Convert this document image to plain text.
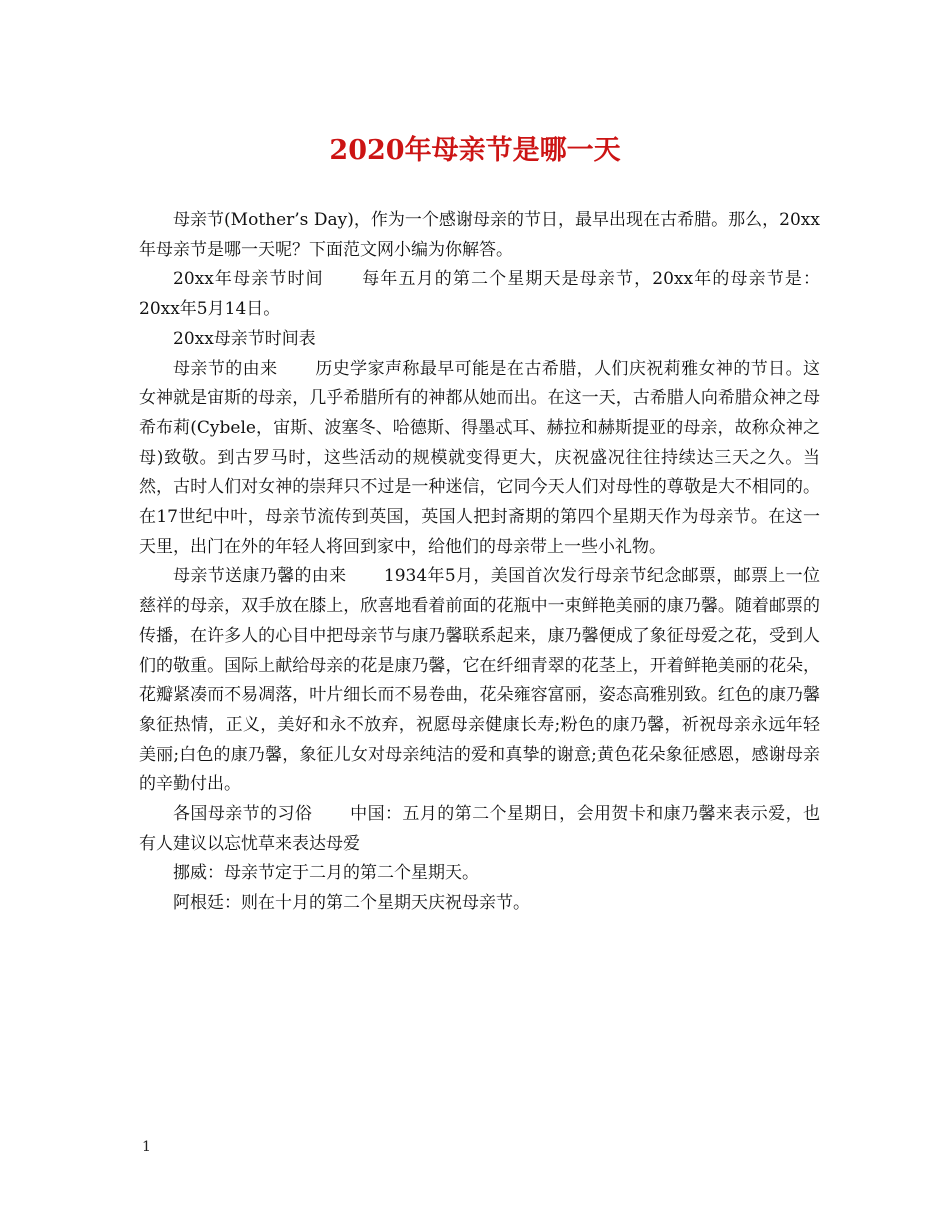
2020年母亲节是哪一天

母亲节(Mother’s Day)，作为一个感谢母亲的节日，最早出现在古希腊。那么，20xx年母亲节是哪一天呢？下面范文网小编为你解答。

20xx年母亲节时间 每年五月的第二个星期天是母亲节，20xx年的母亲节是：20xx年5月14日。

20xx母亲节时间表

母亲节的由来 历史学家声称最早可能是在古希腊，人们庆祝莉雅女神的节日。这女神就是宙斯的母亲，几乎希腊所有的神都从她而出。在这一天，古希腊人向希腊众神之母希布莉(Cybele，宙斯、波塞冬、哈德斯、得墨忒耳、赫拉和赫斯提亚的母亲，故称众神之母)致敬。到古罗马时，这些活动的规模就变得更大，庆祝盛况往往持续达三天之久。当然，古时人们对女神的崇拜只不过是一种迷信，它同今天人们对母性的尊敬是大不相同的。在17世纪中叶，母亲节流传到英国，英国人把封斋期的第四个星期天作为母亲节。在这一天里，出门在外的年轻人将回到家中，给他们的母亲带上一些小礼物。

母亲节送康乃馨的由来 1934年5月，美国首次发行母亲节纪念邮票，邮票上一位慈祥的母亲，双手放在膝上，欣喜地看着前面的花瓶中一束鲜艳美丽的康乃馨。随着邮票的传播，在许多人的心目中把母亲节与康乃馨联系起来，康乃馨便成了象征母爱之花，受到人们的敬重。国际上献给母亲的花是康乃馨，它在纤细青翠的花茎上，开着鲜艳美丽的花朵，花瓣紧凑而不易凋落，叶片细长而不易卷曲，花朵雍容富丽，姿态高雅别致。红色的康乃馨象征热情，正义，美好和永不放弃，祝愿母亲健康长寿;粉色的康乃馨，祈祝母亲永远年轻美丽;白色的康乃馨，象征儿女对母亲纯洁的爱和真挚的谢意;黄色花朵象征感恩，感谢母亲的辛勤付出。

各国母亲节的习俗 中国：五月的第二个星期日，会用贺卡和康乃馨来表示爱，也有人建议以忘忧草来表达母爱

挪威：母亲节定于二月的第二个星期天。

阿根廷：则在十月的第二个星期天庆祝母亲节。

1
